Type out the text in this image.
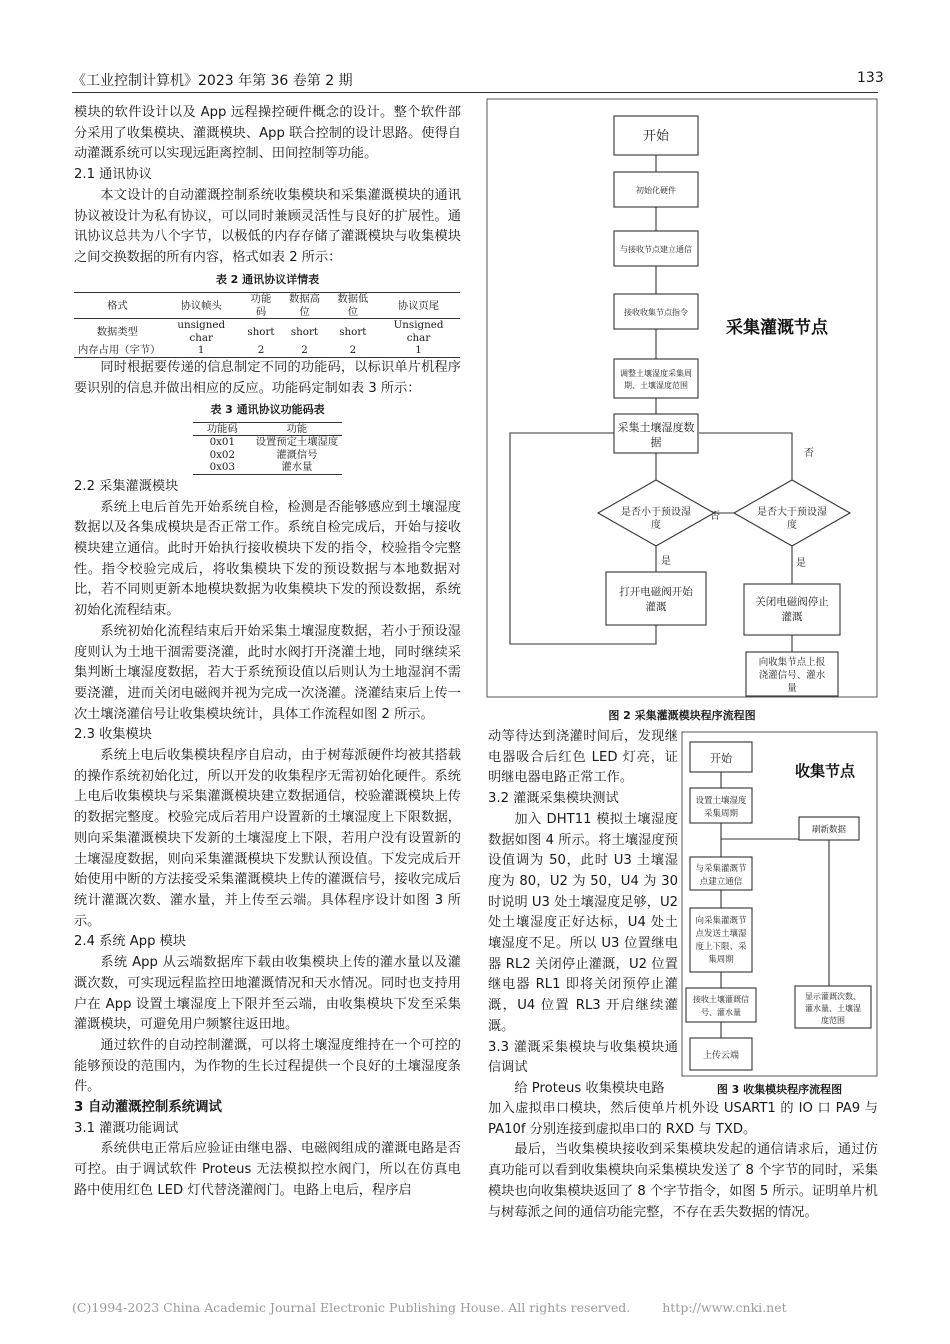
《工业控制计算机》2023 年第 36 卷第 2 期	133

模块的软件设计以及 App 远程操控硬件概念的设计。整个软件部分采用了收集模块、灌溉模块、App 联合控制的设计思路。使得自动灌溉系统可以实现远距离控制、田间控制等功能。

2.1 通讯协议

本文设计的自动灌溉控制系统收集模块和采集灌溉模块的通讯协议被设计为私有协议，可以同时兼顾灵活性与良好的扩展性。通讯协议总共为八个字节，以极低的内存存储了灌溉模块与收集模块之间交换数据的所有内容，格式如表 2 所示：

表 2 通讯协议详情表
格式	协议帧头	功能码	数据高位	数据低位	协议页尾
数据类型	unsigned char	short	short	short	Unsigned char
内存占用（字节）	1	2	2	2	1

同时根据要传递的信息制定不同的功能码，以标识单片机程序要识别的信息并做出相应的反应。功能码定制如表 3 所示：

表 3 通讯协议功能码表
功能码	功能
0x01	设置预定土壤湿度
0x02	灌溉信号
0x03	灌水量

2.2 采集灌溉模块

系统上电后首先开始系统自检，检测是否能够感应到土壤湿度数据以及各集成模块是否正常工作。系统自检完成后，开始与接收模块建立通信。此时开始执行接收模块下发的指令，校验指令完整性。指令校验完成后，将收集模块下发的预设数据与本地数据对比，若不同则更新本地模块数据为收集模块下发的预设数据，系统初始化流程结束。

系统初始化流程结束后开始采集土壤湿度数据，若小于预设湿度则认为土地干涸需要浇灌，此时水阀打开浇灌土地，同时继续采集判断土壤湿度数据，若大于系统预设值以后则认为土地湿润不需要浇灌，进而关闭电磁阀并视为完成一次浇灌。浇灌结束后上传一次土壤浇灌信号让收集模块统计，具体工作流程如图 2 所示。

2.3 收集模块

系统上电后收集模块程序自启动，由于树莓派硬件均被其搭载的操作系统初始化过，所以开发的收集程序无需初始化硬件。系统上电后收集模块与采集灌溉模块建立数据通信，校验灌溉模块上传的数据完整度。校验完成后若用户设置新的土壤湿度上下限数据，则向采集灌溉模块下发新的土壤湿度上下限，若用户没有设置新的土壤湿度数据，则向采集灌溉模块下发默认预设值。下发完成后开始使用中断的方法接受采集灌溉模块上传的灌溉信号，接收完成后统计灌溉次数、灌水量，并上传至云端。具体程序设计如图 3 所示。

2.4 系统 App 模块

系统 App 从云端数据库下载由收集模块上传的灌水量以及灌溉次数，可实现远程监控田地灌溉情况和天水情况。同时也支持用户在 App 设置土壤湿度上下限并至云端，由收集模块下发至采集灌溉模块，可避免用户频繁往返田地。

通过软件的自动控制灌溉，可以将土壤湿度维持在一个可控的能够预设的范围内，为作物的生长过程提供一个良好的土壤湿度条件。

3 自动灌溉控制系统调试

3.1 灌溉功能调试

系统供电正常后应验证由继电器、电磁阀组成的灌溉电路是否可控。由于调试软件 Proteus 无法模拟控水阀门，所以在仿真电路中使用红色 LED 灯代替浇灌阀门。电路上电后，程序启

开始
初始化硬件
与接收节点建立通信
接收收集节点指令
调整土壤湿度采集周
期、土壤湿度范围
采集土壤湿度数
据
是否小于预设湿
度
是否大于预设湿
度
打开电磁阀开始
灌溉	关闭电磁阀停止
灌溉
向收集节点上报
浇灌信号、灌水
量
是
否
否
是
采集灌溉节点
图 2 采集灌溉模块程序流程图

动等待达到浇灌时间后，发现继电器吸合后红色 LED 灯亮，证明继电器电路正常工作。

3.2 灌溉采集模块测试

加入 DHT11 模拟土壤湿度数据如图 4 所示。将土壤湿度预设值调为 50，此时 U3 土壤湿度为 80，U2 为 50，U4 为 30 时说明 U3 处土壤湿度足够，U2 处土壤湿度正好达标，U4 处土壤湿度不足。所以 U3 位置继电器 RL2 关闭停止灌溉，U2 位置继电器 RL1 即将关闭预停止灌溉，U4 位置 RL3 开启继续灌溉。

3.3 灌溉采集模块与收集模块通信调试

给 Proteus 收集模块电路

开始
设置土壤湿度
采集周期
与采集灌溉节
点建立通信
向采集灌溉节
点发送土壤湿
度上下限、采
集周期
接收土壤灌溉信
号、灌水量
上传云端
刷新数据
显示灌溉次数、
灌水量、土壤湿
度范围
收集节点
图 3 收集模块程序流程图

加入虚拟串口模块，然后使单片机外设 USART1 的 IO 口 PA9 与 PA10f 分别连接到虚拟串口的 RXD 与 TXD。

最后，当收集模块接收到采集模块发起的通信请求后，通过仿真功能可以看到收集模块向采集模块发送了 8 个字节的同时，采集模块也向收集模块返回了 8 个字节指令，如图 5 所示。证明单片机与树莓派之间的通信功能完整，不存在丢失数据的情况。

(C)1994-2023 China Academic Journal Electronic Publishing House. All rights reserved.	http://www.cnki.net
